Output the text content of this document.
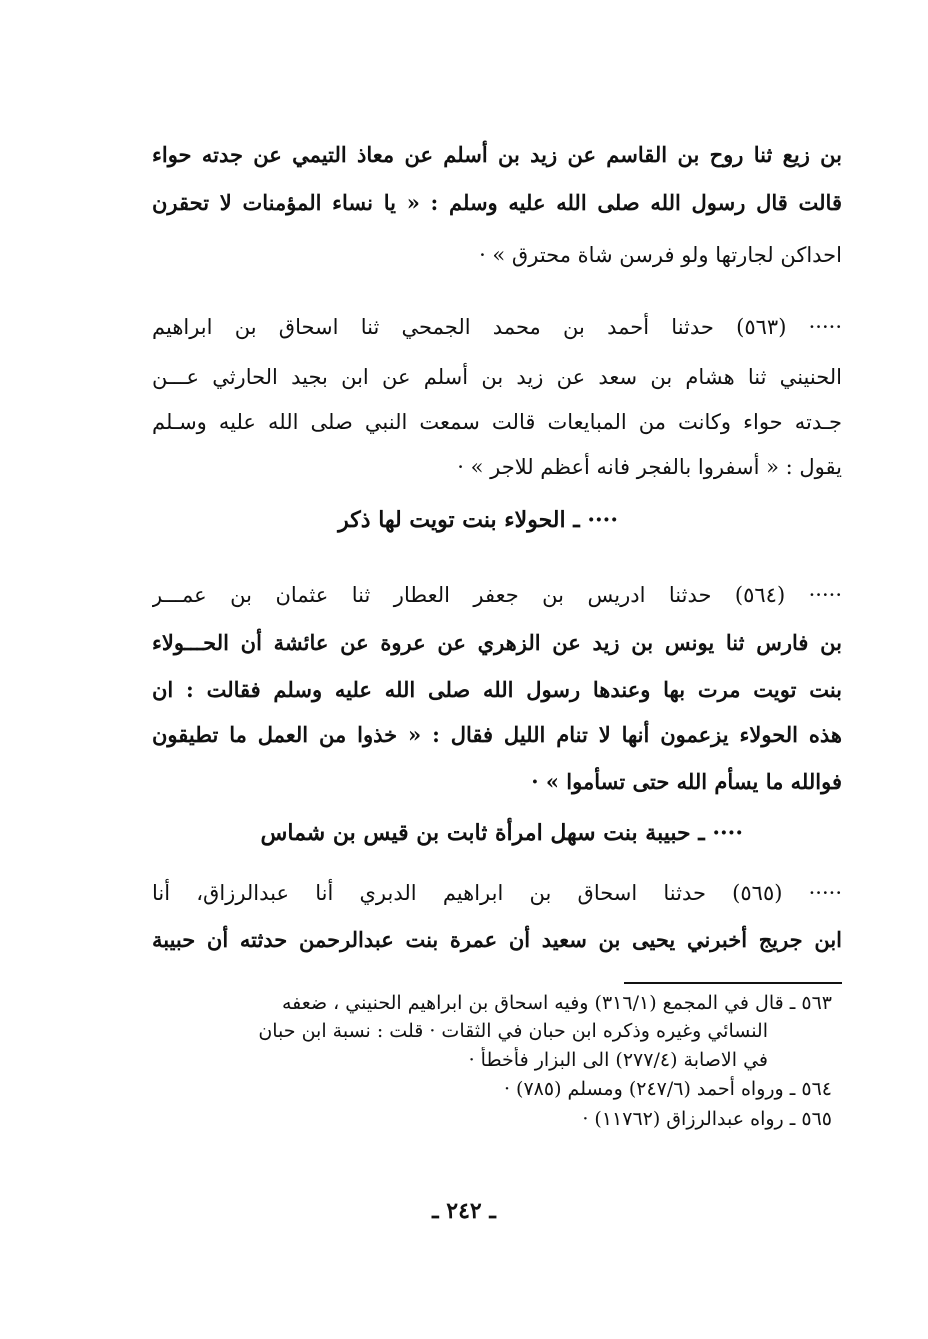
بن زيع ثنا روح بن القاسم عن زيد بن أسلم عن معاذ التيمي عن جدته حواء
قالت قال رسول الله صلى الله عليه وسلم : « يا نساء المؤمنات لا تحقرن
احداكن لجارتها ولو فرسن شاة محترق » ·
····· (٥٦٣) حدثنا أحمد بن محمد الجمحي ثنا اسحاق بن ابراهيم
الحنيني ثنا هشام بن سعد عن زيد بن أسلم عن ابن بجيد الحارثي عـــن
جـدته حواء وكانت من المبايعات قالت سمعت النبي صلى الله عليه وسـلم
يقول : « أسفروا بالفجر فانه أعظم للاجر » ·
···· ـ الحولاء بنت تويت لها ذكر
····· (٥٦٤) حدثنا ادريس بن جعفر العطار ثنا عثمان بن عمـــر
بن فارس ثنا يونس بن زيد عن الزهري عن عروة عن عائشة أن الحـــولاء
بنت تويت مرت بها وعندها رسول الله صلى الله عليه وسلم فقالت : ان
هذه الحولاء يزعمون أنها لا تنام الليل فقال : « خذوا من العمل ما تطيقون
فوالله ما يسأم الله حتى تسأموا » ·
···· ـ حبيبة بنت سهل امرأة ثابت بن قيس بن شماس
····· (٥٦٥) حدثنا اسحاق بن ابراهيم الدبري أنا عبدالرزاق، أنا
ابن جريج أخبرني يحيى بن سعيد أن عمرة بنت عبدالرحمن حدثته أن حبيبة
٥٦٣ ـ قال في المجمع (٣١٦/١) وفيه اسحاق بن ابراهيم الحنيني ، ضعفه
النسائي وغيره وذكره ابن حبان في الثقات · قلت : نسبة ابن حبان
في الاصابة (٢٧٧/٤) الى البزار فأخطأ ·
٥٦٤ ـ ورواه أحمد (٢٤٧/٦) ومسلم (٧٨٥) ·
٥٦٥ ـ رواه عبدالرزاق (١١٧٦٢) ·
ـ ٢٤٢ ـ
